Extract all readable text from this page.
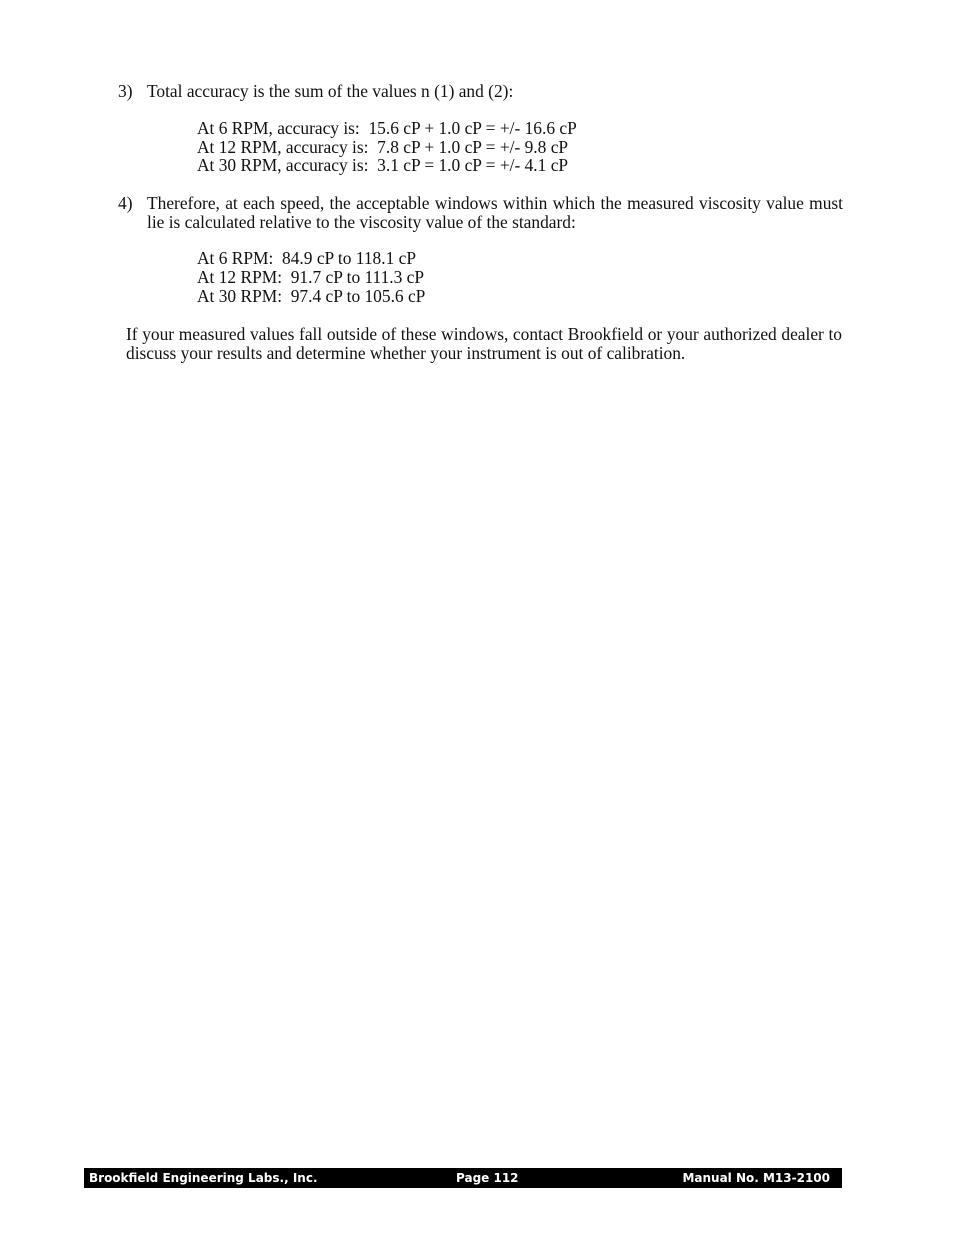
3) Total accuracy is the sum of the values n (1) and (2):
At 6 RPM, accuracy is:  15.6 cP + 1.0 cP = +/- 16.6 cP
At 12 RPM, accuracy is:  7.8 cP + 1.0 cP = +/- 9.8 cP
At 30 RPM, accuracy is:  3.1 cP = 1.0 cP = +/- 4.1 cP
4) Therefore, at each speed, the acceptable windows within which the measured viscosity value must lie is calculated relative to the viscosity value of the standard:
At 6 RPM:  84.9 cP to 118.1 cP
At 12 RPM:  91.7 cP to 111.3 cP
At 30 RPM:  97.4 cP to 105.6 cP

If your measured values fall outside of these windows, contact Brookfield or your authorized dealer to discuss your results and determine whether your instrument is out of calibration.

Brookfield Engineering Labs., Inc.	Page 112	Manual No. M13-2100
